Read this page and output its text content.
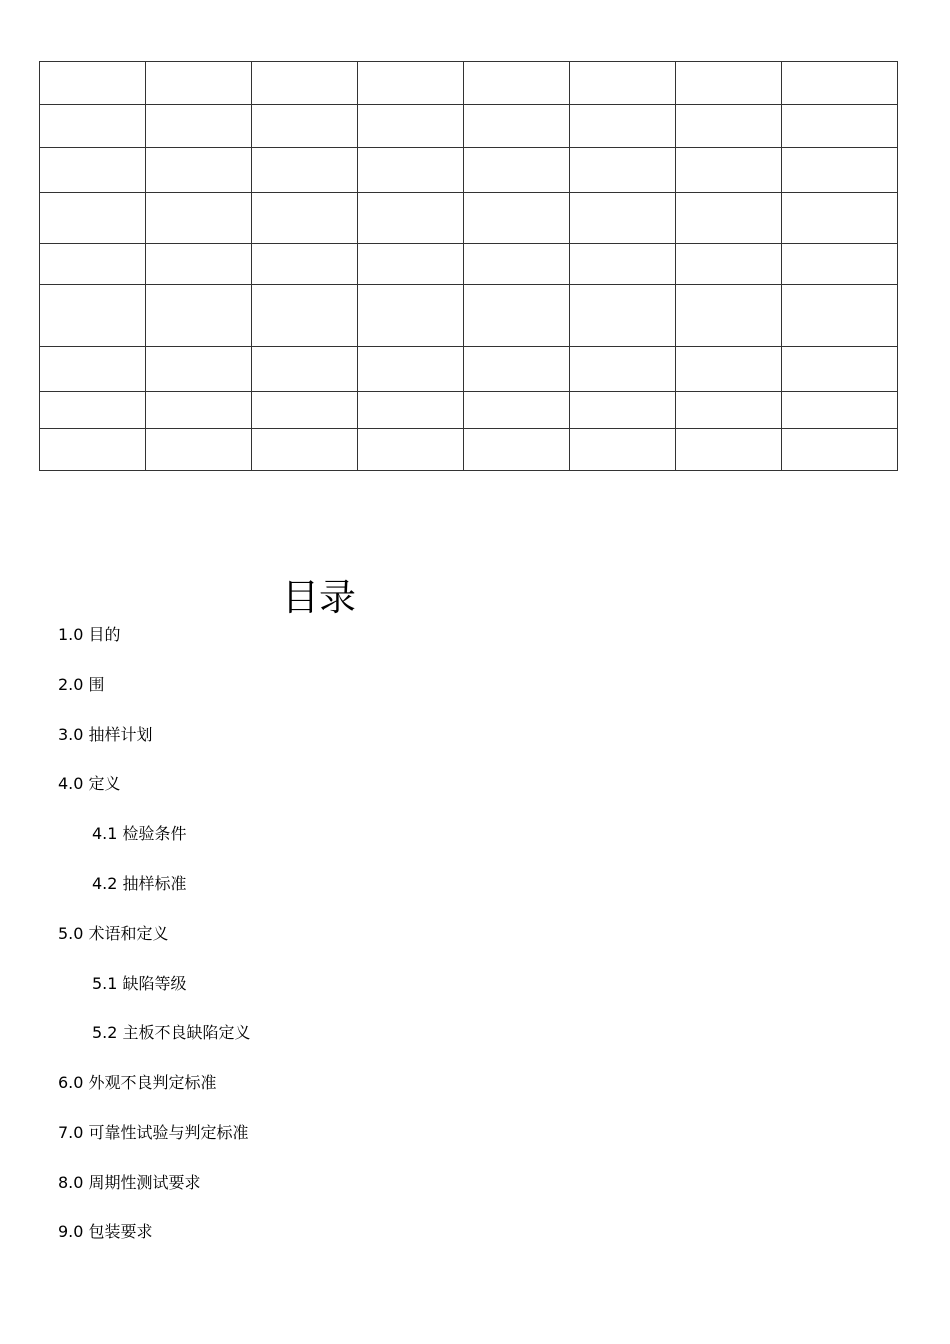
目录
1.0 目的
2.0 围
3.0 抽样计划
4.0 定义
4.1 检验条件
4.2 抽样标准
5.0 术语和定义
5.1 缺陷等级
5.2 主板不良缺陷定义
6.0 外观不良判定标准
7.0 可靠性试验与判定标准
8.0 周期性测试要求
9.0 包装要求
